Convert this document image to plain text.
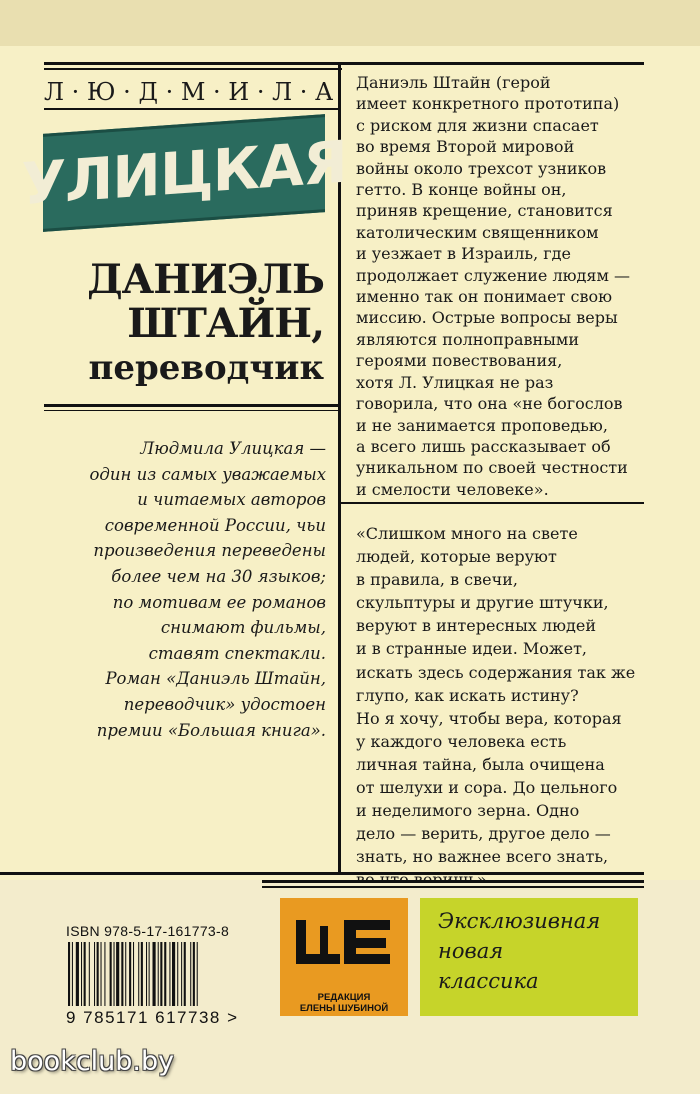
Л · Ю · Д · М · И · Л · А
УЛИЦКАЯ
ДАНИЭЛЬ
ШТАЙН,
переводчик
Людмила Улицкая —
один из самых уважаемых
и читаемых авторов
современной России, чьи
произведения переведены
более чем на 30 языков;
по мотивам ее романов
снимают фильмы,
ставят спектакли.
Роман «Даниэль Штайн,
переводчик» удостоен
премии «Большая книга».
Даниэль Штайн (герой
имеет конкретного прототипа)
с риском для жизни спасает
во время Второй мировой
войны около трехсот узников
гетто. В конце войны он,
приняв крещение, становится
католическим священником
и уезжает в Израиль, где
продолжает служение людям —
именно так он понимает свою
миссию. Острые вопросы веры
являются полноправными
героями повествования,
хотя Л. Улицкая не раз
говорила, что она «не богослов
и не занимается проповедью,
а всего лишь рассказывает об
уникальном по своей честности
и смелости человеке».
«Слишком много на свете
людей, которые веруют
в правила, в свечи,
скульптуры и другие штучки,
веруют в интересных людей
и в странные идеи. Может,
искать здесь содержания так же
глупо, как искать истину?
Но я хочу, чтобы вера, которая
у каждого человека есть
личная тайна, была очищена
от шелухи и сора. До цельного
и неделимого зерна. Одно
дело — верить, другое дело —
знать, но важнее всего знать,

ISBN 978-5-17-161773-8
9 785171 617738 >
РЕДАКЦИЯ
ЕЛЕНЫ ШУБИНОЙ
Эксклюзивная
новая
классика
bookclub.by
